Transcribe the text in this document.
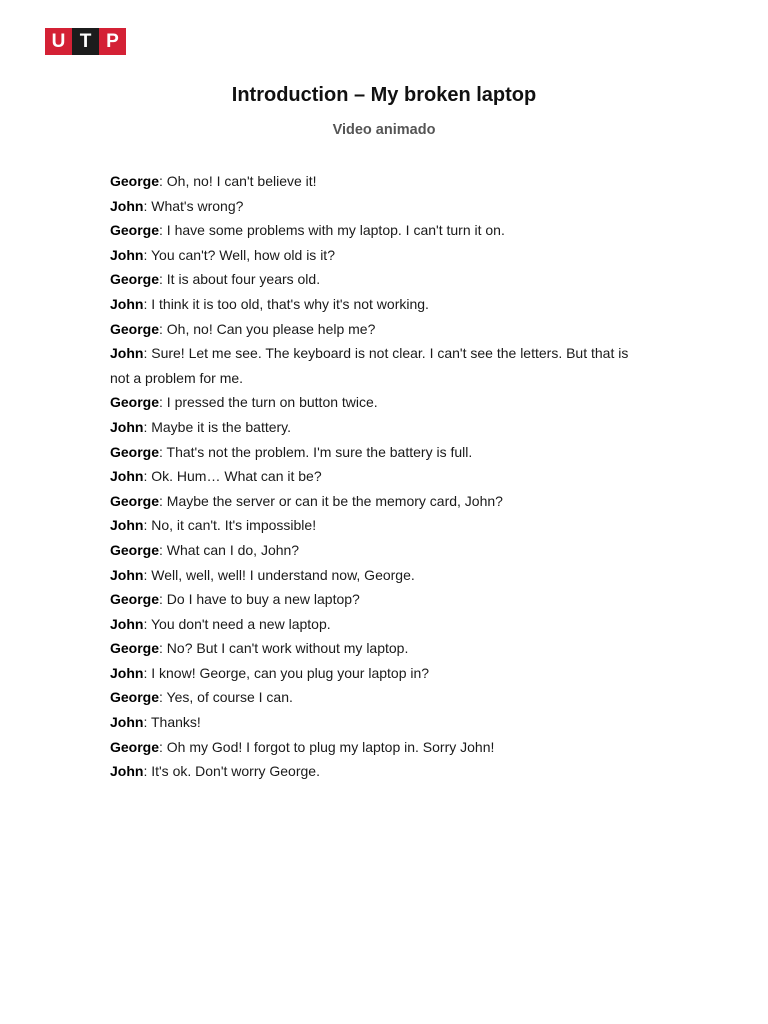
U T P
Introduction – My broken laptop
Video animado
George: Oh, no! I can't believe it!
John: What's wrong?
George: I have some problems with my laptop. I can't turn it on.
John: You can't? Well, how old is it?
George: It is about four years old.
John: I think it is too old, that's why it's not working.
George: Oh, no! Can you please help me?
John: Sure! Let me see. The keyboard is not clear. I can't see the letters. But that is not a problem for me.
George: I pressed the turn on button twice.
John: Maybe it is the battery.
George: That's not the problem. I'm sure the battery is full.
John: Ok. Hum… What can it be?
George: Maybe the server or can it be the memory card, John?
John: No, it can't. It's impossible!
George: What can I do, John?
John: Well, well, well! I understand now, George.
George: Do I have to buy a new laptop?
John: You don't need a new laptop.
George: No? But I can't work without my laptop.
John: I know! George, can you plug your laptop in?
George: Yes, of course I can.
John: Thanks!
George: Oh my God! I forgot to plug my laptop in. Sorry John!
John: It's ok. Don't worry George.
